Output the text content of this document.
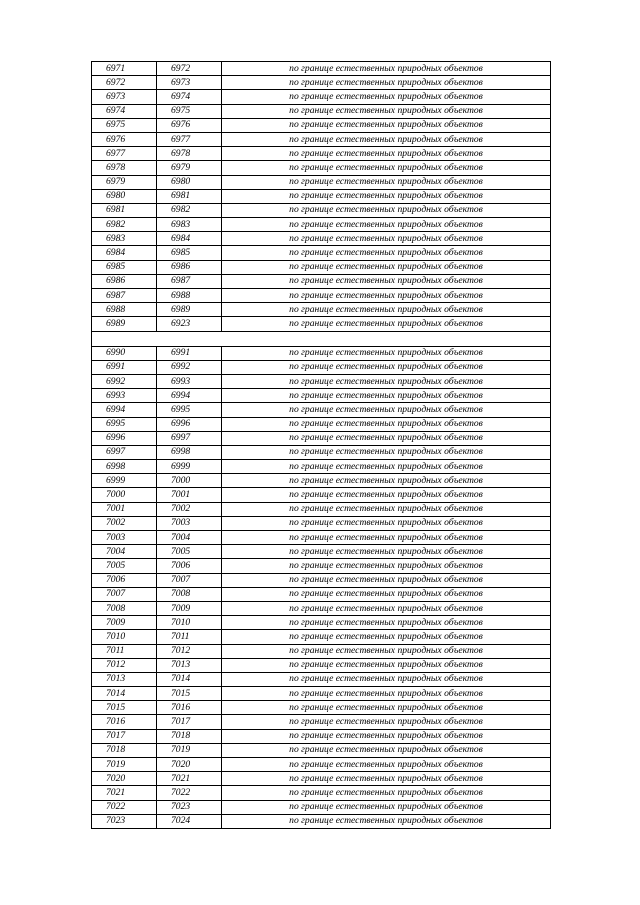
6971	6972	по границе естественных природных объектов
6972	6973	по границе естественных природных объектов
6973	6974	по границе естественных природных объектов
6974	6975	по границе естественных природных объектов
6975	6976	по границе естественных природных объектов
6976	6977	по границе естественных природных объектов
6977	6978	по границе естественных природных объектов
6978	6979	по границе естественных природных объектов
6979	6980	по границе естественных природных объектов
6980	6981	по границе естественных природных объектов
6981	6982	по границе естественных природных объектов
6982	6983	по границе естественных природных объектов
6983	6984	по границе естественных природных объектов
6984	6985	по границе естественных природных объектов
6985	6986	по границе естественных природных объектов
6986	6987	по границе естественных природных объектов
6987	6988	по границе естественных природных объектов
6988	6989	по границе естественных природных объектов
6989	6923	по границе естественных природных объектов

6990	6991	по границе естественных природных объектов
6991	6992	по границе естественных природных объектов
6992	6993	по границе естественных природных объектов
6993	6994	по границе естественных природных объектов
6994	6995	по границе естественных природных объектов
6995	6996	по границе естественных природных объектов
6996	6997	по границе естественных природных объектов
6997	6998	по границе естественных природных объектов
6998	6999	по границе естественных природных объектов
6999	7000	по границе естественных природных объектов
7000	7001	по границе естественных природных объектов
7001	7002	по границе естественных природных объектов
7002	7003	по границе естественных природных объектов
7003	7004	по границе естественных природных объектов
7004	7005	по границе естественных природных объектов
7005	7006	по границе естественных природных объектов
7006	7007	по границе естественных природных объектов
7007	7008	по границе естественных природных объектов
7008	7009	по границе естественных природных объектов
7009	7010	по границе естественных природных объектов
7010	7011	по границе естественных природных объектов
7011	7012	по границе естественных природных объектов
7012	7013	по границе естественных природных объектов
7013	7014	по границе естественных природных объектов
7014	7015	по границе естественных природных объектов
7015	7016	по границе естественных природных объектов
7016	7017	по границе естественных природных объектов
7017	7018	по границе естественных природных объектов
7018	7019	по границе естественных природных объектов
7019	7020	по границе естественных природных объектов
7020	7021	по границе естественных природных объектов
7021	7022	по границе естественных природных объектов
7022	7023	по границе естественных природных объектов
7023	7024	по границе естественных природных объектов
